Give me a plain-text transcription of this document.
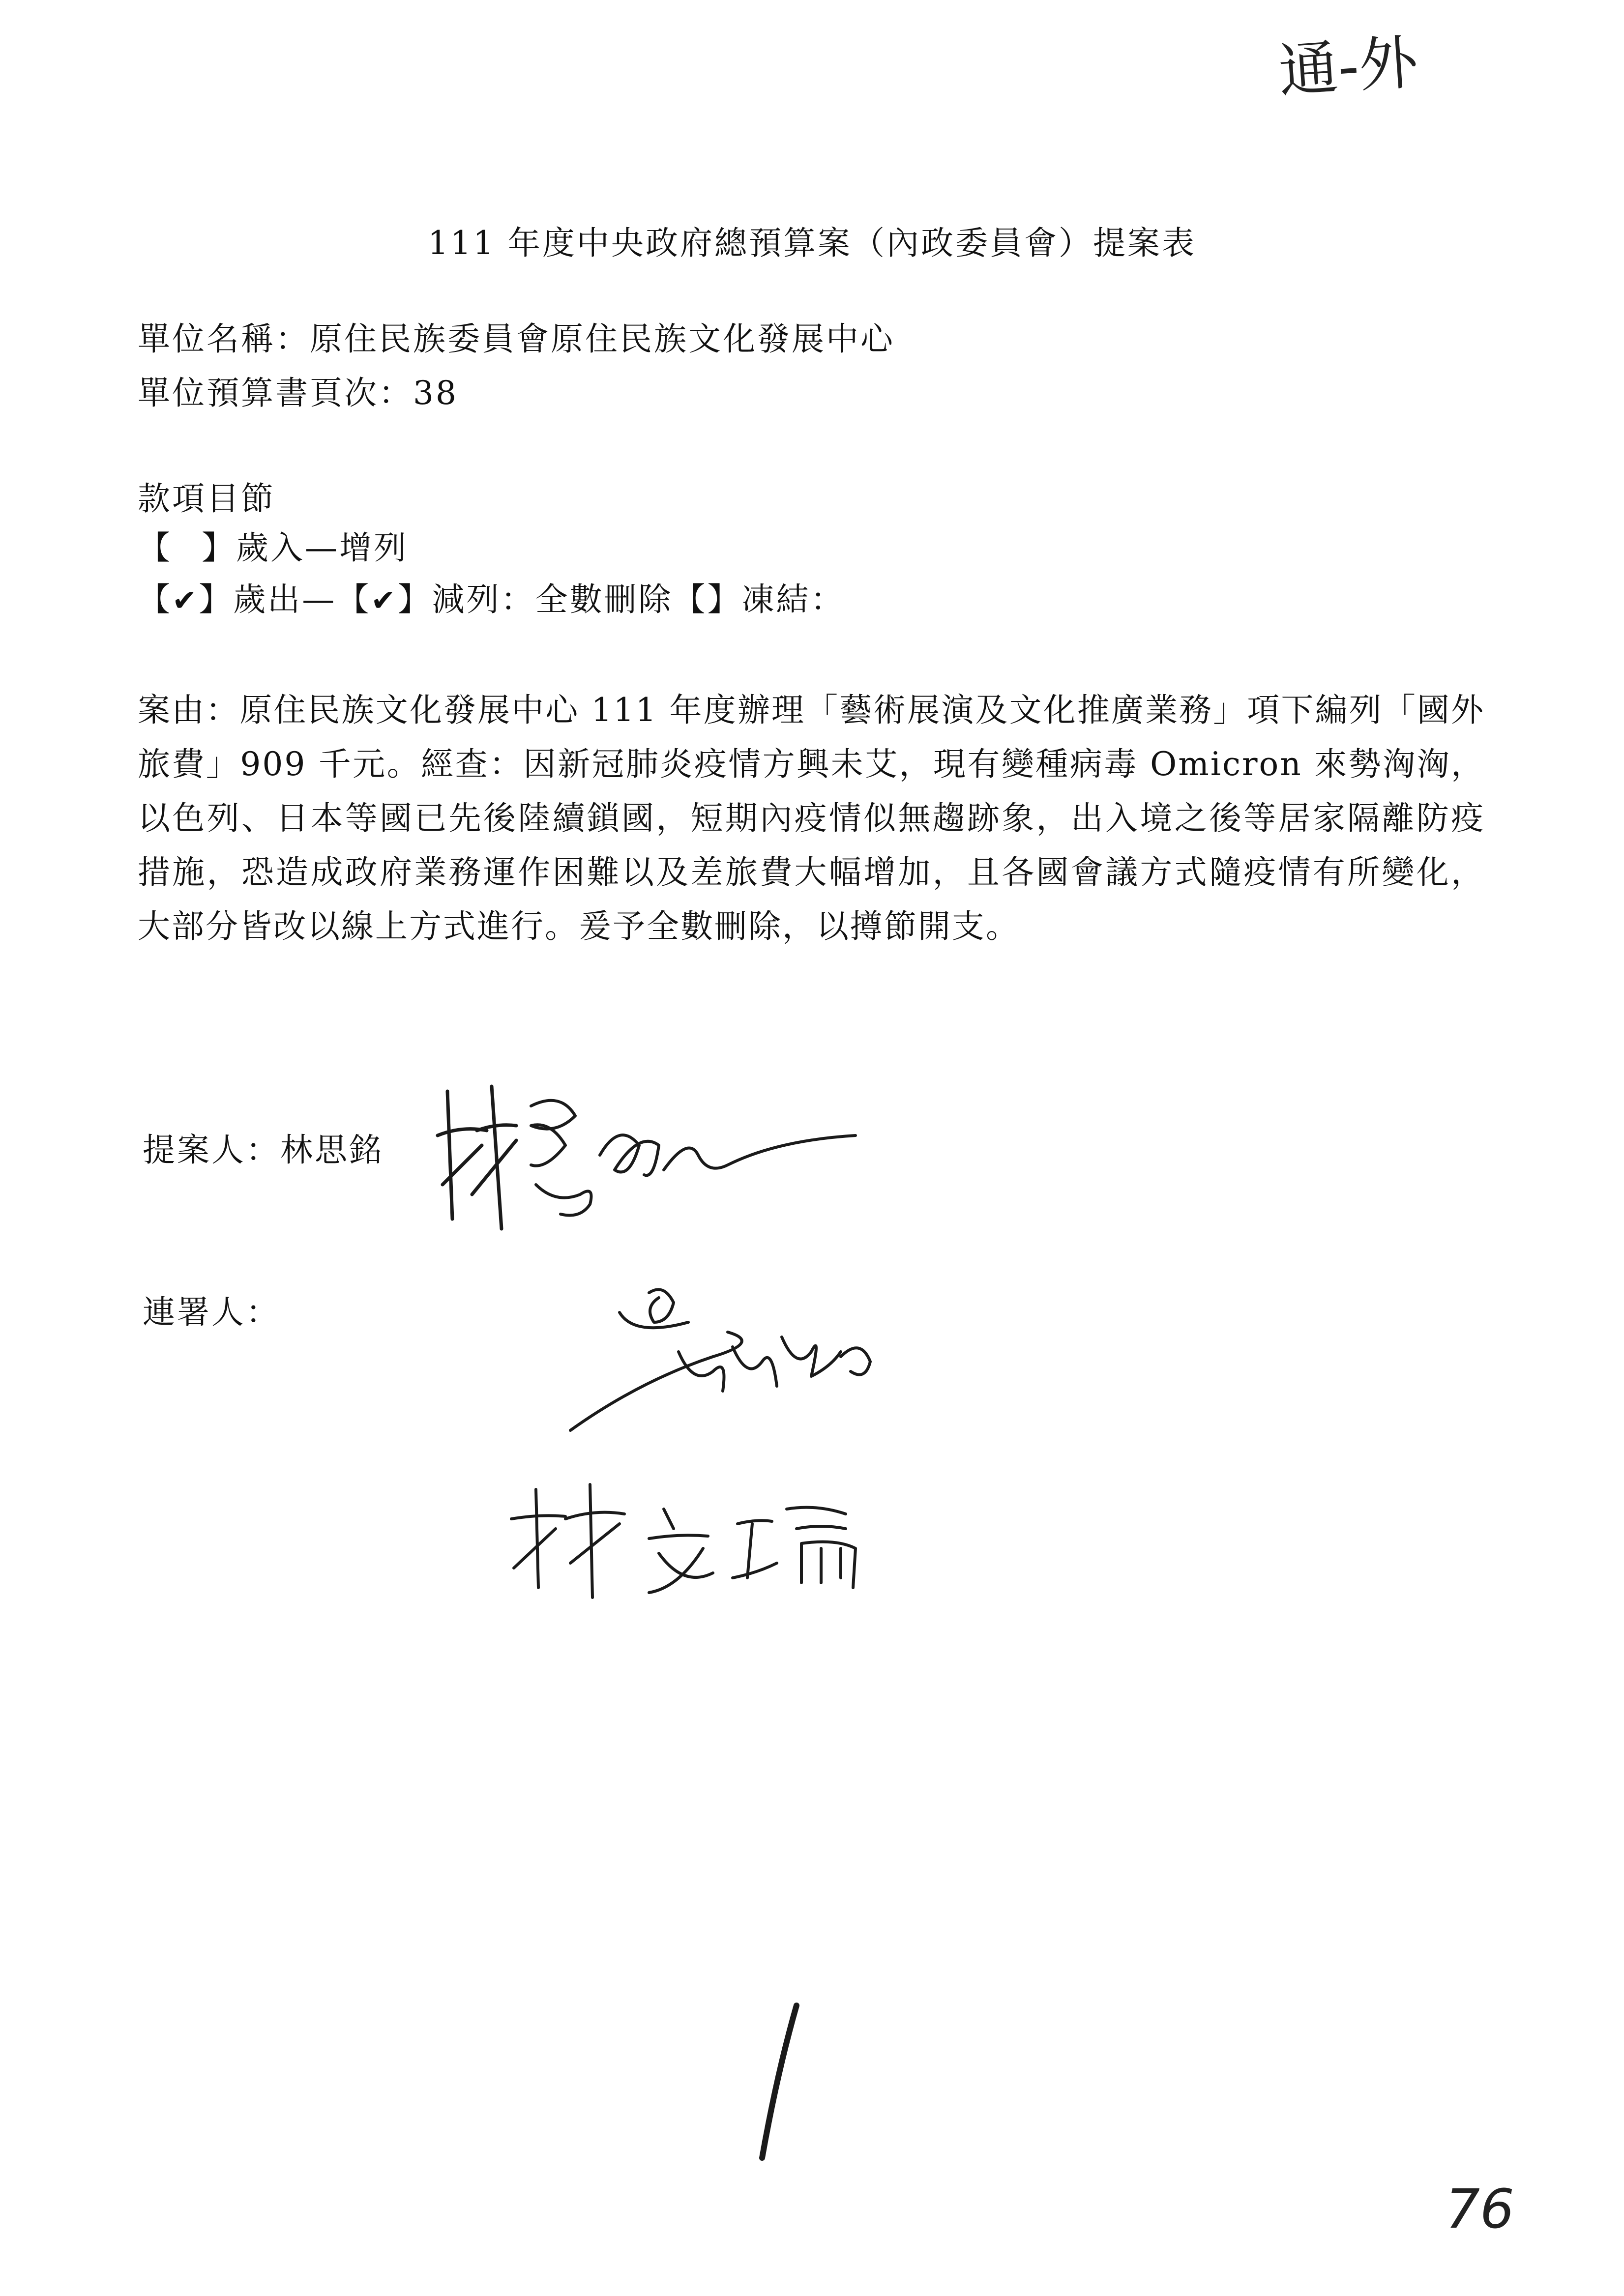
通-外
111 年度中央政府總預算案（內政委員會）提案表
單位名稱：原住民族委員會原住民族文化發展中心
單位預算書頁次：38
款項目節
【 】歲入—增列
【✔】歲出—【✔】減列：全數刪除【】凍結：

案由：原住民族文化發展中心 111 年度辦理「藝術展演及文化推廣業務」項下編列「國外旅費」909 千元。經查：因新冠肺炎疫情方興未艾，現有變種病毒 Omicron 來勢洶洶，以色列、日本等國已先後陸續鎖國，短期內疫情似無趨跡象，出入境之後等居家隔離防疫措施，恐造成政府業務運作困難以及差旅費大幅增加，且各國會議方式隨疫情有所變化，大部分皆改以線上方式進行。爰予全數刪除，以撙節開支。

提案人：林思銘
連署人：
1
76
